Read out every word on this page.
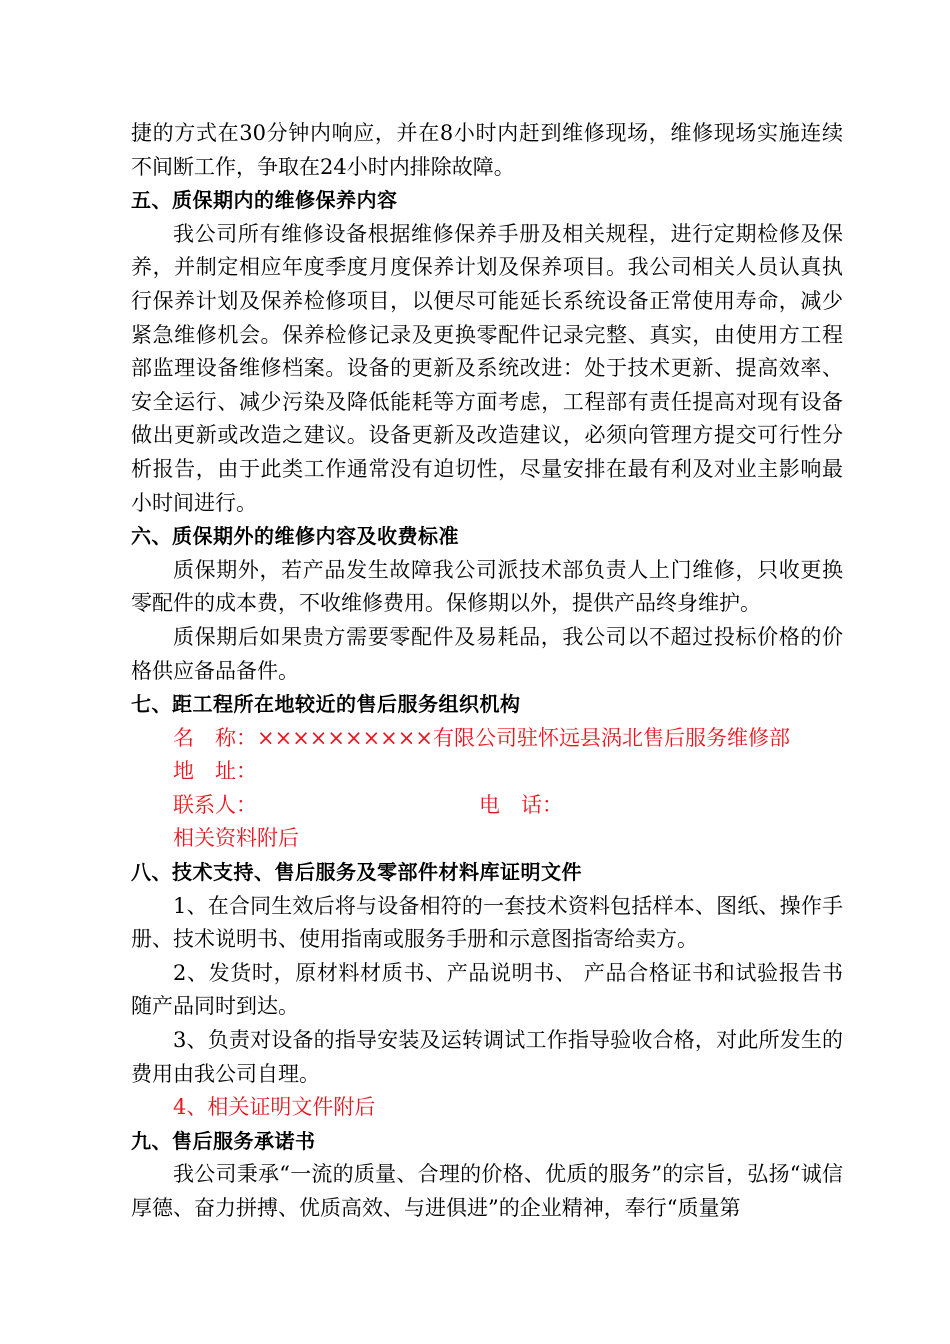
捷的方式在30分钟内响应，并在8小时内赶到维修现场，维修现场实施连续不间断工作，争取在24小时内排除故障。

五、质保期内的维修保养内容

我公司所有维修设备根据维修保养手册及相关规程，进行定期检修及保养，并制定相应年度季度月度保养计划及保养项目。我公司相关人员认真执行保养计划及保养检修项目，以便尽可能延长系统设备正常使用寿命，减少紧急维修机会。保养检修记录及更换零配件记录完整、真实，由使用方工程部监理设备维修档案。设备的更新及系统改进：处于技术更新、提高效率、安全运行、减少污染及降低能耗等方面考虑，工程部有责任提高对现有设备做出更新或改造之建议。设备更新及改造建议，必须向管理方提交可行性分析报告，由于此类工作通常没有迫切性，尽量安排在最有利及对业主影响最小时间进行。

六、质保期外的维修内容及收费标准

质保期外，若产品发生故障我公司派技术部负责人上门维修，只收更换零配件的成本费，不收维修费用。保修期以外，提供产品终身维护。

质保期后如果贵方需要零配件及易耗品，我公司以不超过投标价格的价格供应备品备件。

七、距工程所在地较近的售后服务组织机构

名　称：××××××××××有限公司驻怀远县涡北售后服务维修部

地　址：

联系人：	电　话：

相关资料附后

八、技术支持、售后服务及零部件材料库证明文件

1、在合同生效后将与设备相符的一套技术资料包括样本、图纸、操作手册、技术说明书、使用指南或服务手册和示意图指寄给卖方。

2、发货时，原材料材质书、产品说明书、 产品合格证书和试验报告书随产品同时到达。

3、负责对设备的指导安装及运转调试工作指导验收合格，对此所发生的费用由我公司自理。

4、相关证明文件附后

九、售后服务承诺书

我公司秉承“一流的质量、合理的价格、优质的服务”的宗旨，弘扬“诚信厚德、奋力拼搏、优质高效、与进俱进”的企业精神，奉行“质量第
